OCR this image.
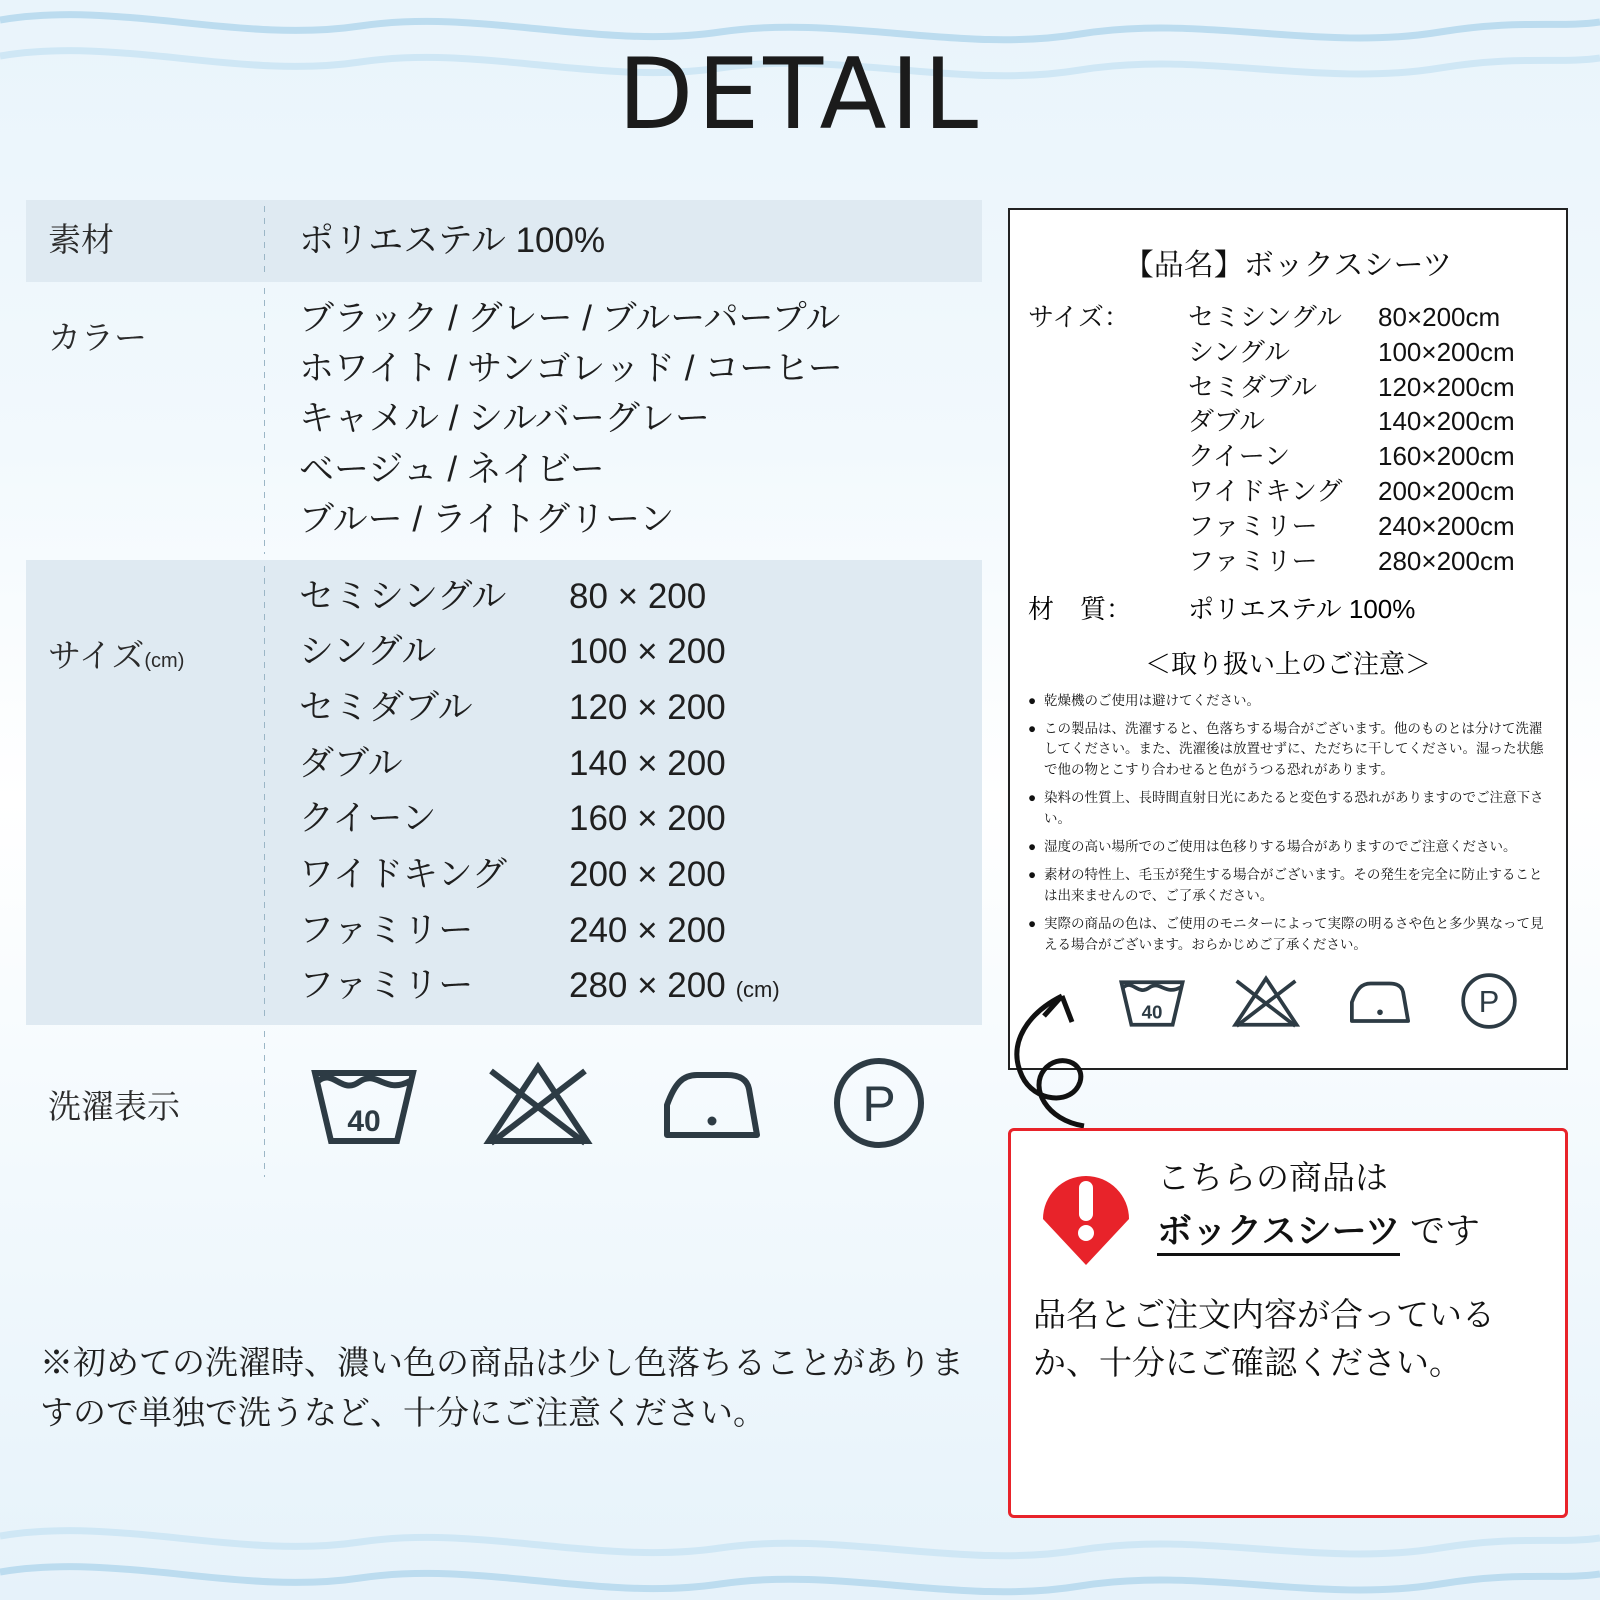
DETAIL
素材	ポリエステル 100%
カラー	ブラック / グレー / ブルーパープル
ホワイト / サンゴレッド / コーヒー
キャメル / シルバーグレー
ベージュ / ネイビー
ブルー / ライトグリーン
サイズ (cm)
セミシングル	80 × 200
シングル	100 × 200
セミダブル	120 × 200
ダブル	140 × 200
クイーン	160 × 200
ワイドキング	200 × 200
ファミリー	240 × 200
ファミリー	280 × 200 (cm)
洗濯表示	40	P
※初めての洗濯時、濃い色の商品は少し色落ちることがありますので単独で洗うなど、十分にご注意ください。
【品名】ボックスシーツ
サイズ：	セミシングル	80×200cm
シングル	100×200cm
セミダブル	120×200cm
ダブル	140×200cm
クイーン	160×200cm
ワイドキング	200×200cm
ファミリー	240×200cm
ファミリー	280×200cm
材　質：	ポリエステル 100%
＜取り扱い上のご注意＞
● 乾燥機のご使用は避けてください。
● この製品は、洗濯すると、色落ちする場合がございます。他のものとは分けて洗濯してください。また、洗濯後は放置せずに、ただちに干してください。湿った状態で他の物とこすり合わせると色がうつる恐れがあります。
● 染料の性質上、長時間直射日光にあたると変色する恐れがありますのでご注意下さい。
● 湿度の高い場所でのご使用は色移りする場合がありますのでご注意ください。
● 素材の特性上、毛玉が発生する場合がございます。その発生を完全に防止することは出来ませんので、ご了承ください。
● 実際の商品の色は、ご使用のモニターによって実際の明るさや色と多少異なって見える場合がございます。おらかじめご了承ください。
40	P
こちらの商品は
ボックスシーツ です
品名とご注文内容が合っているか、十分にご確認ください。
